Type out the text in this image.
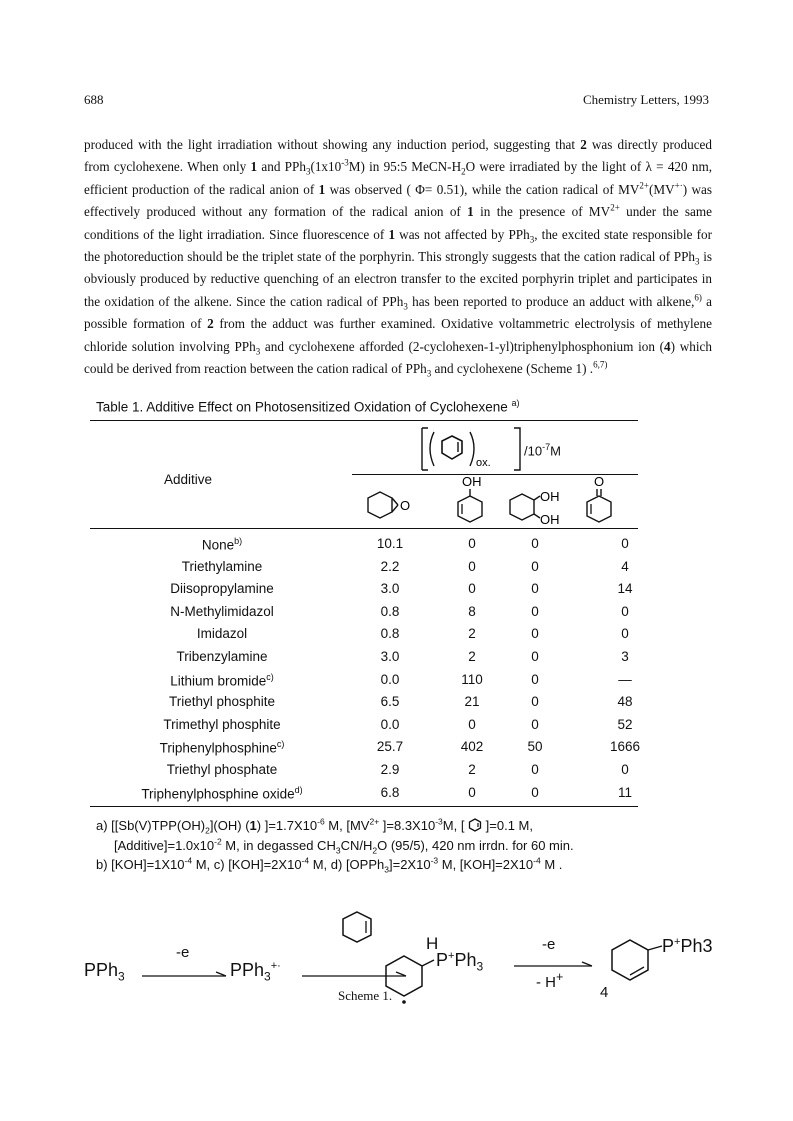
688	Chemistry Letters, 1993

produced with the light irradiation without showing any induction period, suggesting that 2 was directly produced from cyclohexene. When only 1 and $PPh_3(1x10^{-3}M)$ in 95:5 MeCN-$H_2O$ were irradiated by the light of λ = 420 nm, efficient production of the radical anion of 1 was observed ( Φ= 0.51), while the cation radical of $MV^{2+}(MV^{+\cdot})$ was effectively produced without any formation of the radical anion of 1 in the presence of $MV^{2+}$ under the same conditions of the light irradiation. Since fluorescence of 1 was not affected by PPh$_3$, the excited state responsible for the photoreduction should be the triplet state of the porphyrin. This strongly suggests that the cation radical of PPh$_3$ is obviously produced by reductive quenching of an electron transfer to the excited porphyrin triplet and participates in the oxidation of the alkene. Since the cation radical of PPh$_3$ has been reported to produce an adduct with alkene,$^{6)}$ a possible formation of 2 from the adduct was further examined. Oxidative voltammetric electrolysis of methylene chloride solution involving PPh$_3$ and cyclohexene afforded (2-cyclohexen-1-yl)triphenylphosphonium ion (4) which could be derived from reaction between the cation radical of PPh$_3$ and cyclohexene (Scheme 1) .$^{6,7)}$

Table 1. Additive Effect on Photosensitized Oxidation of Cyclohexene $^{a)}$
ox.
$/10^{-7}M$
Additive
O
OH
OH
OH
O
None$^{b)}$	10.1	0	0	0
Triethylamine	2.2	0	0	4
Diisopropylamine	3.0	0	0	14
N-Methylimidazol	0.8	8	0	0
Imidazol	0.8	2	0	0
Tribenzylamine	3.0	2	0	3
Lithium bromide$^{c)}$	0.0	110	0	—
Triethyl phosphite	6.5	21	0	48
Trimethyl phosphite	0.0	0	0	52
Triphenylphosphine$^{c)}$	25.7	402	50	1666
Triethyl phosphate	2.9	2	0	0
Triphenylphosphine oxide$^{d)}$	6.8	0	0	11
a) [$[Sb(V)TPP(OH)_2](OH)$ (1) ]$=1.7X10^{-6}$ M, [$MV^{2+}$ ]$=8.3X10^{-3}M$, [  ]=0.1 M,
$[Additive]=1.0x10^{-2}$ M, in degassed $CH_3CN/H_2O$ (95/5), 420 nm irrdn. for 60 min.
b) $[KOH]=1X10^{-4}$ M, c) $[KOH]=2X10^{-4}$ M, d) $[OPPh_3]=2X10^{-3}$ M, $[KOH]=2X10^{-4}$ M .
PPh$_3$
-e
PPh$_3$+·
H
$P^+Ph_3$
-e
- H+
P+Ph3
Scheme 1.	4
